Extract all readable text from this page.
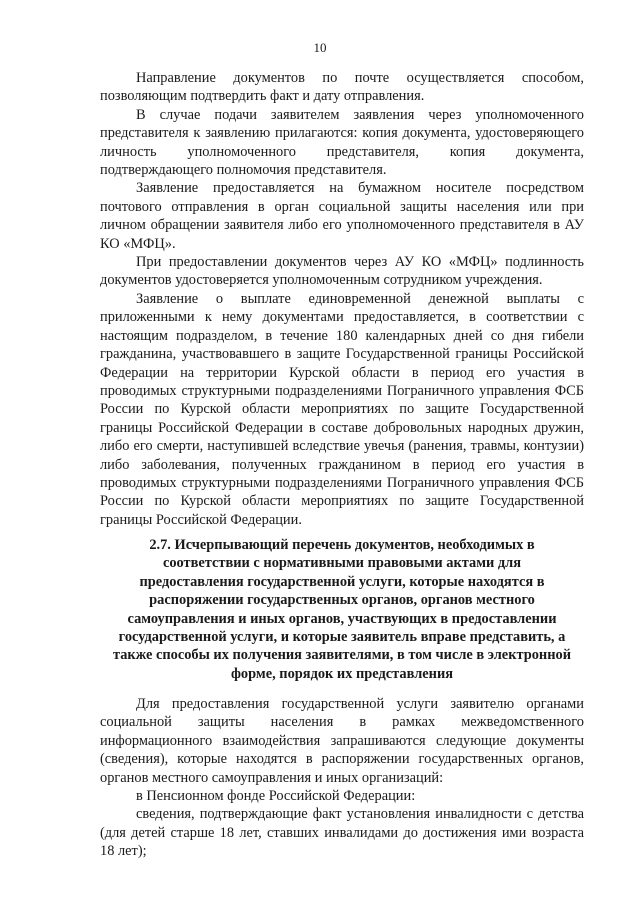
10

Направление документов по почте осуществляется способом, позволяющим подтвердить факт и дату отправления.

В случае подачи заявителем заявления через уполномоченного представителя к заявлению прилагаются: копия документа, удостоверяющего личность уполномоченного представителя, копия документа, подтверждающего полномочия представителя.

Заявление предоставляется на бумажном носителе посредством почтового отправления в орган социальной защиты населения или при личном обращении заявителя либо его уполномоченного представителя в АУ КО «МФЦ».

При предоставлении документов через АУ КО «МФЦ» подлинность документов удостоверяется уполномоченным сотрудником учреждения.

Заявление о выплате единовременной денежной выплаты с приложенными к нему документами предоставляется, в соответствии с настоящим подразделом, в течение 180 календарных дней со дня гибели гражданина, участвовавшего в защите Государственной границы Российской Федерации на территории Курской области в период его участия в проводимых структурными подразделениями Пограничного управления ФСБ России по Курской области мероприятиях по защите Государственной границы Российской Федерации в составе добровольных народных дружин, либо его смерти, наступившей вследствие увечья (ранения, травмы, контузии) либо заболевания, полученных гражданином в период его участия в проводимых структурными подразделениями Пограничного управления ФСБ России по Курской области мероприятиях по защите Государственной границы Российской Федерации.

2.7. Исчерпывающий перечень документов, необходимых в
соответствии с нормативными правовыми актами для
предоставления государственной услуги, которые находятся в
распоряжении государственных органов, органов местного
самоуправления и иных органов, участвующих в предоставлении
государственной услуги, и которые заявитель вправе представить, а
также способы их получения заявителями, в том числе в электронной
форме, порядок их представления

Для предоставления государственной услуги заявителю органами социальной защиты населения в рамках межведомственного информационного взаимодействия запрашиваются следующие документы (сведения), которые находятся в распоряжении государственных органов, органов местного самоуправления и иных организаций:

в Пенсионном фонде Российской Федерации:

сведения, подтверждающие факт установления инвалидности с детства (для детей старше 18 лет, ставших инвалидами до достижения ими возраста 18 лет);
